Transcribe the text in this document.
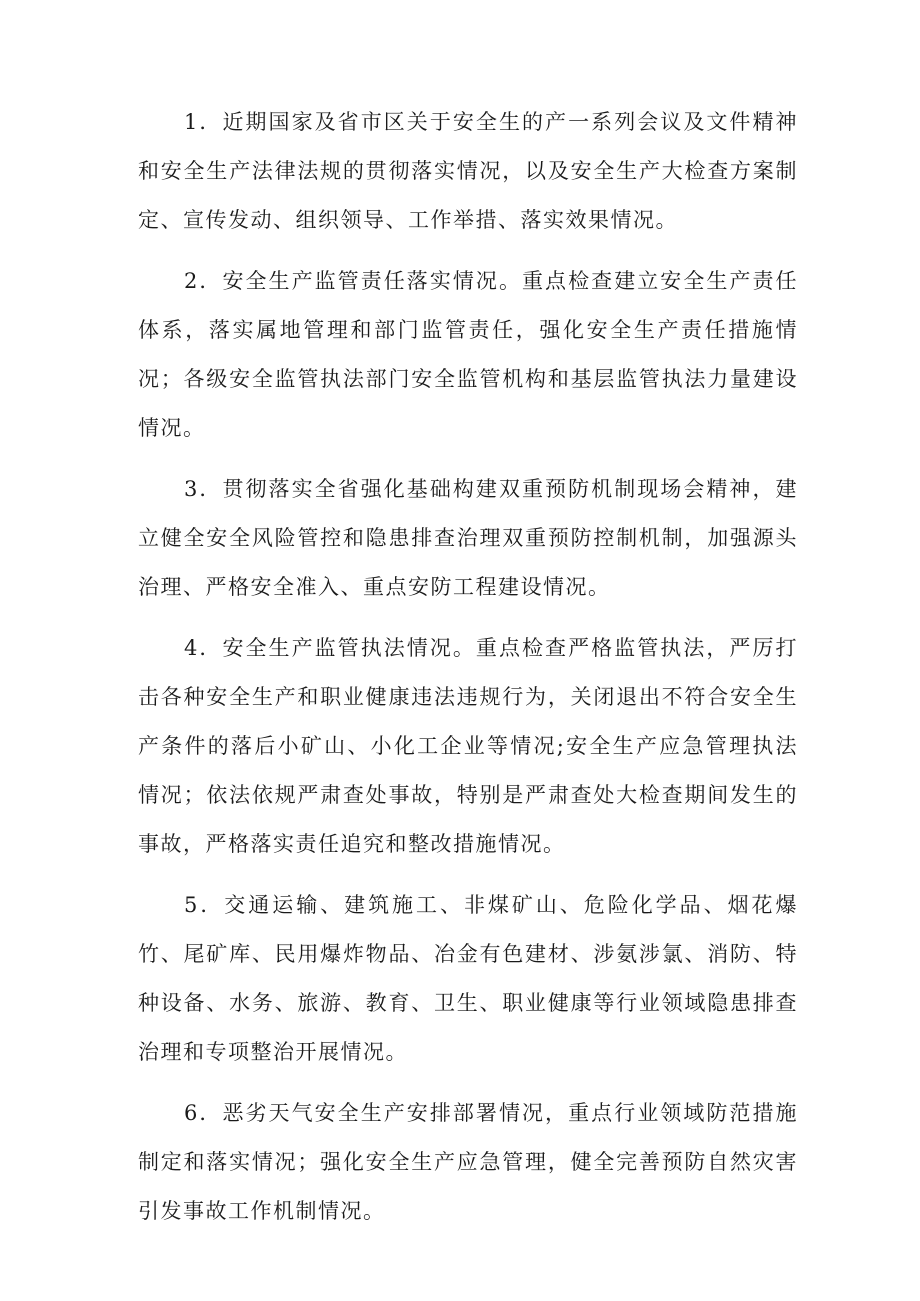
1．近期国家及省市区关于安全生的产一系列会议及文件精神和安全生产法律法规的贯彻落实情况，以及安全生产大检查方案制定、宣传发动、组织领导、工作举措、落实效果情况。

2．安全生产监管责任落实情况。重点检查建立安全生产责任体系，落实属地管理和部门监管责任，强化安全生产责任措施情况；各级安全监管执法部门安全监管机构和基层监管执法力量建设情况。

3．贯彻落实全省强化基础构建双重预防机制现场会精神，建立健全安全风险管控和隐患排查治理双重预防控制机制，加强源头治理、严格安全准入、重点安防工程建设情况。

4．安全生产监管执法情况。重点检查严格监管执法，严厉打击各种安全生产和职业健康违法违规行为，关闭退出不符合安全生产条件的落后小矿山、小化工企业等情况;安全生产应急管理执法情况；依法依规严肃查处事故，特别是严肃查处大检查期间发生的事故，严格落实责任追究和整改措施情况。

5．交通运输、建筑施工、非煤矿山、危险化学品、烟花爆竹、尾矿库、民用爆炸物品、冶金有色建材、涉氨涉氯、消防、特种设备、水务、旅游、教育、卫生、职业健康等行业领域隐患排查治理和专项整治开展情况。

6．恶劣天气安全生产安排部署情况，重点行业领域防范措施制定和落实情况；强化安全生产应急管理，健全完善预防自然灾害引发事故工作机制情况。
